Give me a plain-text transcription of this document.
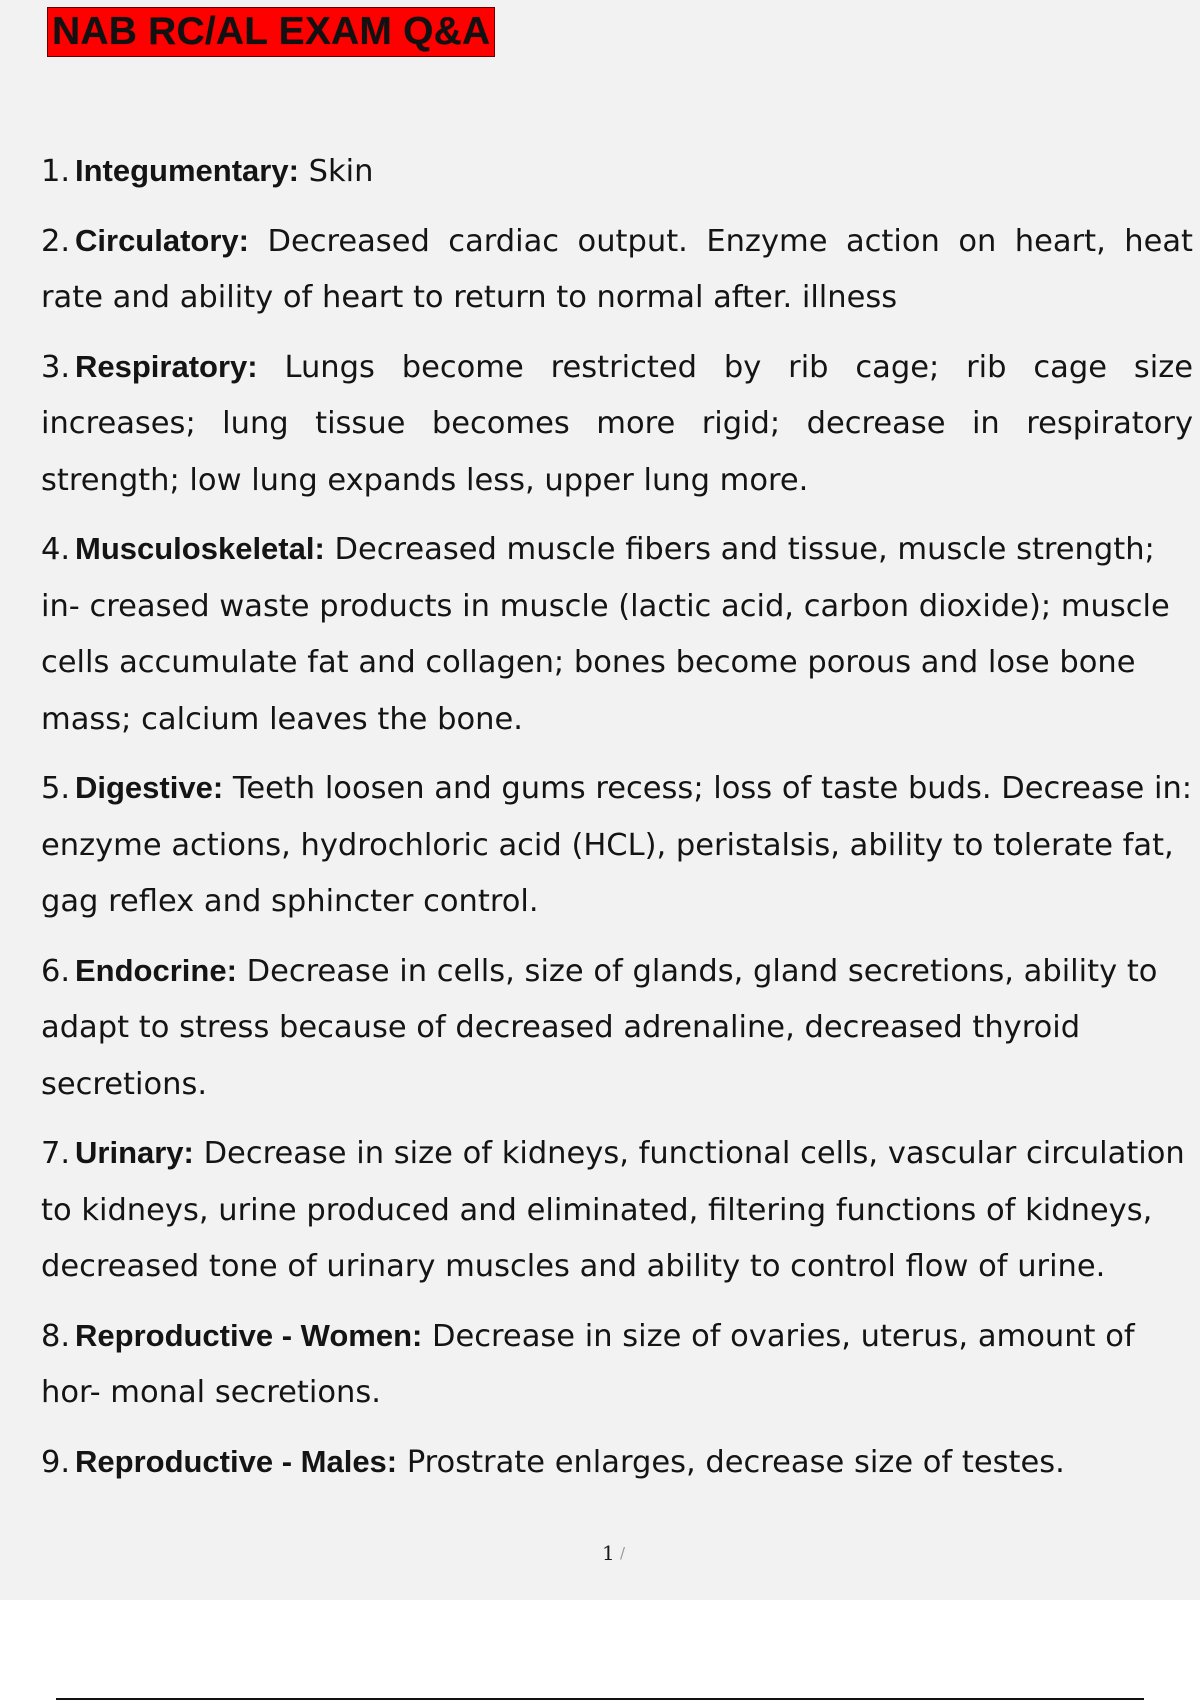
NAB RC/AL EXAM Q&A
1. Integumentary: Skin
2. Circulatory: Decreased cardiac output. Enzyme action on heart, heat rate and ability of heart to return to normal after. illness
3. Respiratory: Lungs become restricted by rib cage; rib cage size increases; lung tissue becomes more rigid; decrease in respiratory strength; low lung expands less, upper lung more.
4. Musculoskeletal: Decreased muscle fibers and tissue, muscle strength; in- creased waste products in muscle (lactic acid, carbon dioxide); muscle cells accumulate fat and collagen; bones become porous and lose bone mass; calcium leaves the bone.
5. Digestive: Teeth loosen and gums recess; loss of taste buds. Decrease in: enzyme actions, hydrochloric acid (HCL), peristalsis, ability to tolerate fat, gag reflex and sphincter control.
6. Endocrine: Decrease in cells, size of glands, gland secretions, ability to adapt to stress because of decreased adrenaline, decreased thyroid secretions.
7. Urinary: Decrease in size of kidneys, functional cells, vascular circulation to kidneys, urine produced and eliminated, filtering functions of kidneys, decreased tone of urinary muscles and ability to control flow of urine.
8. Reproductive - Women: Decrease in size of ovaries, uterus, amount of hor- monal secretions.
9. Reproductive - Males: Prostrate enlarges, decrease size of testes.
1 /
